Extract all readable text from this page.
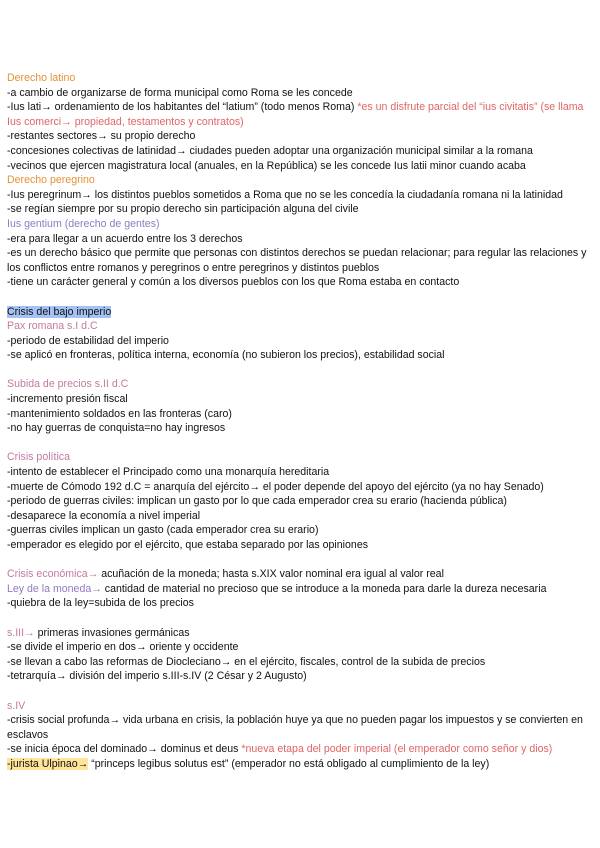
Derecho latino
-a cambio de organizarse de forma municipal como Roma se les concede
-Ius lati→ ordenamiento de los habitantes del “latium” (todo menos Roma) *es un disfrute parcial del “ius civitatis” (se llama Ius comerci→ propiedad, testamentos y contratos)
-restantes sectores→ su propio derecho
-concesiones colectivas de latinidad→ ciudades pueden adoptar una organización municipal similar a la romana
-vecinos que ejercen magistratura local (anuales, en la República) se les concede Ius latii minor cuando acaba
Derecho peregrino
-Ius peregrinum→ los distintos pueblos sometidos a Roma que no se les concedía la ciudadanía romana ni la latinidad
-se regían siempre por su propio derecho sin participación alguna del civile
Ius gentium (derecho de gentes)
-era para llegar a un acuerdo entre los 3 derechos
-es un derecho básico que permite que personas con distintos derechos se puedan relacionar; para regular las relaciones y los conflictos entre romanos y peregrinos o entre peregrinos y distintos pueblos
-tiene un carácter general y común a los diversos pueblos con los que Roma estaba en contacto
Crisis del bajo imperio
Pax romana s.I d.C
-periodo de estabilidad del imperio
-se aplicó en fronteras, política interna, economía (no subieron los precios), estabilidad social
Subida de precios s.II d.C
-incremento presión fiscal
-mantenimiento soldados en las fronteras (caro)
-no hay guerras de conquista=no hay ingresos
Crisis política
-intento de establecer el Principado como una monarquía hereditaria
-muerte de Cómodo 192 d.C = anarquía del ejército→ el poder depende del apoyo del ejército (ya no hay Senado)
-periodo de guerras civiles: implican un gasto por lo que cada emperador crea su erario (hacienda pública)
-desaparece la economía a nivel imperial
-guerras civiles implican un gasto (cada emperador crea su erario)
-emperador es elegido por el ejército, que estaba separado por las opiniones
Crisis económica→ acuñación de la moneda; hasta s.XIX valor nominal era igual al valor real
Ley de la moneda→ cantidad de material no precioso que se introduce a la moneda para darle la dureza necesaria
-quiebra de la ley=subida de los precios
s.III→ primeras invasiones germánicas
-se divide el imperio en dos→ oriente y occidente
-se llevan a cabo las reformas de Diocleciano→ en el ejército, fiscales, control de la subida de precios
-tetrarquía→ división del imperio s.III-s.IV (2 César y 2 Augusto)
s.IV
-crisis social profunda→ vida urbana en crisis, la población huye ya que no pueden pagar los impuestos y se convierten en esclavos
-se inicia época del dominado→ dominus et deus *nueva etapa del poder imperial (el emperador como señor y dios)
-jurista Ulpinao→ “princeps legibus solutus est” (emperador no está obligado al cumplimiento de la ley)
